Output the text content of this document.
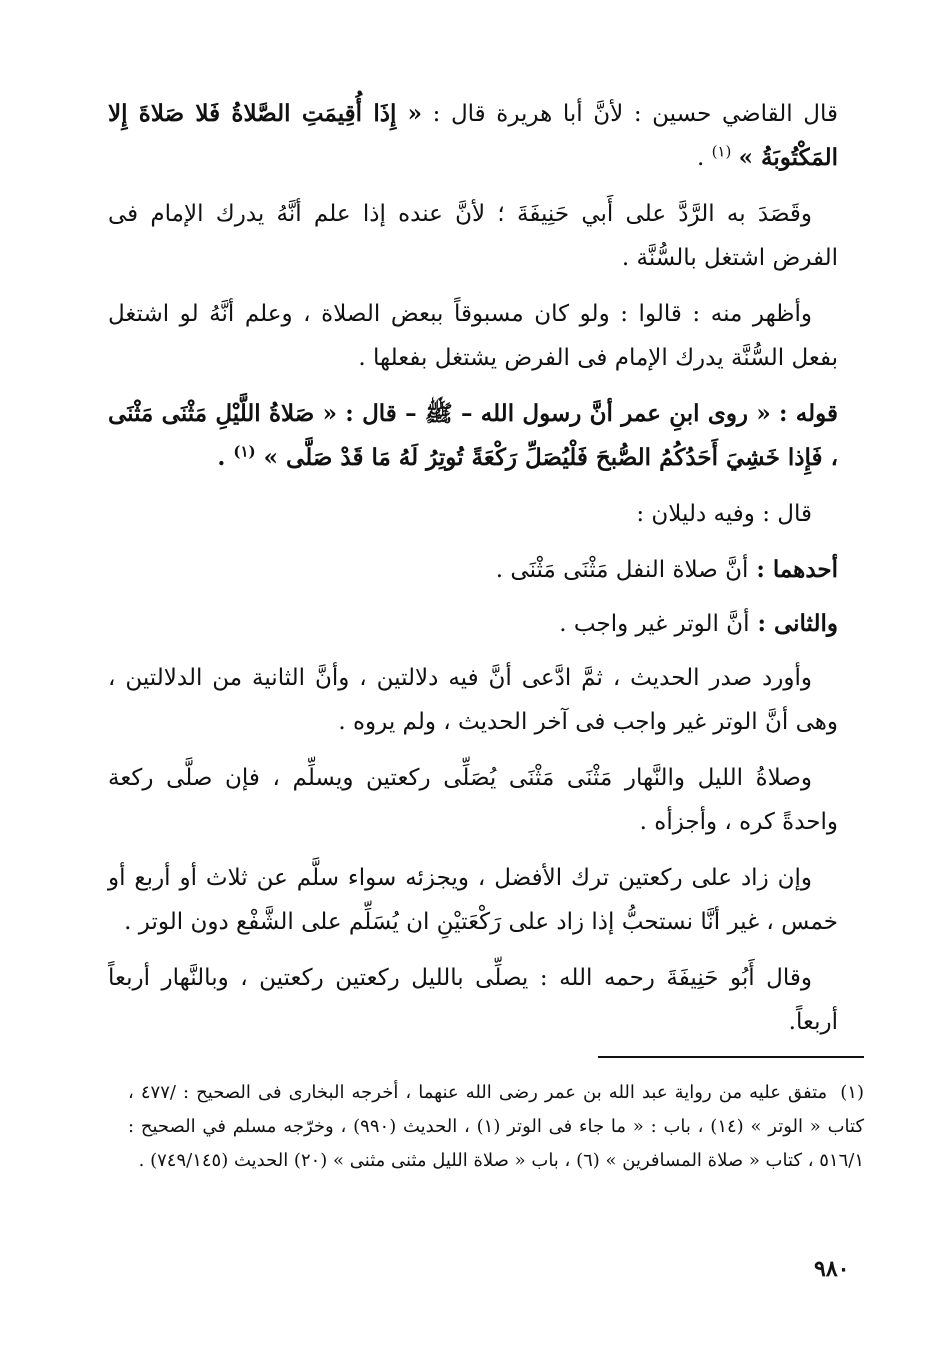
قال القاضي حسين : لأنَّ أبا هريرة قال : « إِذَا أُقِيمَتِ الصَّلاةُ فَلا صَلاةَ إِلا المَكْتُوبَةُ » $^{(١)}$ .

وقَصَدَ به الرَّدَّ على أَبي حَنِيفَةَ ؛ لأنَّ عنده إذا علم أنَّهُ يدرك الإمام فى الفرض اشتغل بالسُّنَّة .

وأظهر منه : قالوا : ولو كان مسبوقاً ببعض الصلاة ، وعلم أنَّهُ لو اشتغل بفعل السُّنَّة يدرك الإمام فى الفرض يشتغل بفعلها .

قوله : « روى ابنِ عمر أنَّ رسول الله – ﷺ – قال : « صَلاةُ اللَّيْلِ مَثْنَى مَثْنَى ، فَإِذا خَشِيَ أَحَدُكُمُ الصُّبحَ فَلْيُصَلِّ رَكْعَةً تُوتِرُ لَهُ مَا قَدْ صَلَّى » $^{(١)}$ .

قال : وفيه دليلان :

أحدهما : أنَّ صلاة النفل مَثْنَى مَثْنَى .

والثانى : أنَّ الوتر غير واجب .

وأورد صدر الحديث ، ثمَّ ادَّعى أنَّ فيه دلالتين ، وأنَّ الثانية من الدلالتين ، وهى أنَّ الوتر غير واجب فى آخر الحديث ، ولم يروه .

وصلاةُ الليل والنَّهار مَثْنَى مَثْنَى يُصَلِّى ركعتين ويسلِّم ، فإن صلَّى ركعة واحدةً كره ، وأجزأه .

وإن زاد على ركعتين ترك الأفضل ، ويجزئه سواء سلَّم عن ثلاث أو أربع أو خمس ، غير أنَّا نستحبُّ إذا زاد على رَكْعَتيْنِ ان يُسَلِّم على الشَّفْع دون الوتر .

وقال أَبُو حَنِيفَةَ رحمه الله : يصلِّى بالليل ركعتين ركعتين ، وبالنَّهار أربعاً أربعاً.

(١) متفق عليه من رواية عبد الله بن عمر رضى الله عنهما ، أخرجه البخارى فى الصحيح : /٤٧٧ ، كتاب « الوتر » (١٤) ، باب : « ما جاء فى الوتر (١) ، الحديث (٩٩٠) ، وخرّجه مسلم في الصحيح : ٥١٦/١ ، كتاب « صلاة المسافرين » (٦) ، باب « صلاة الليل مثنى مثنى » (٢٠) الحديث (٧٤٩/١٤٥) .
٩٨٠
